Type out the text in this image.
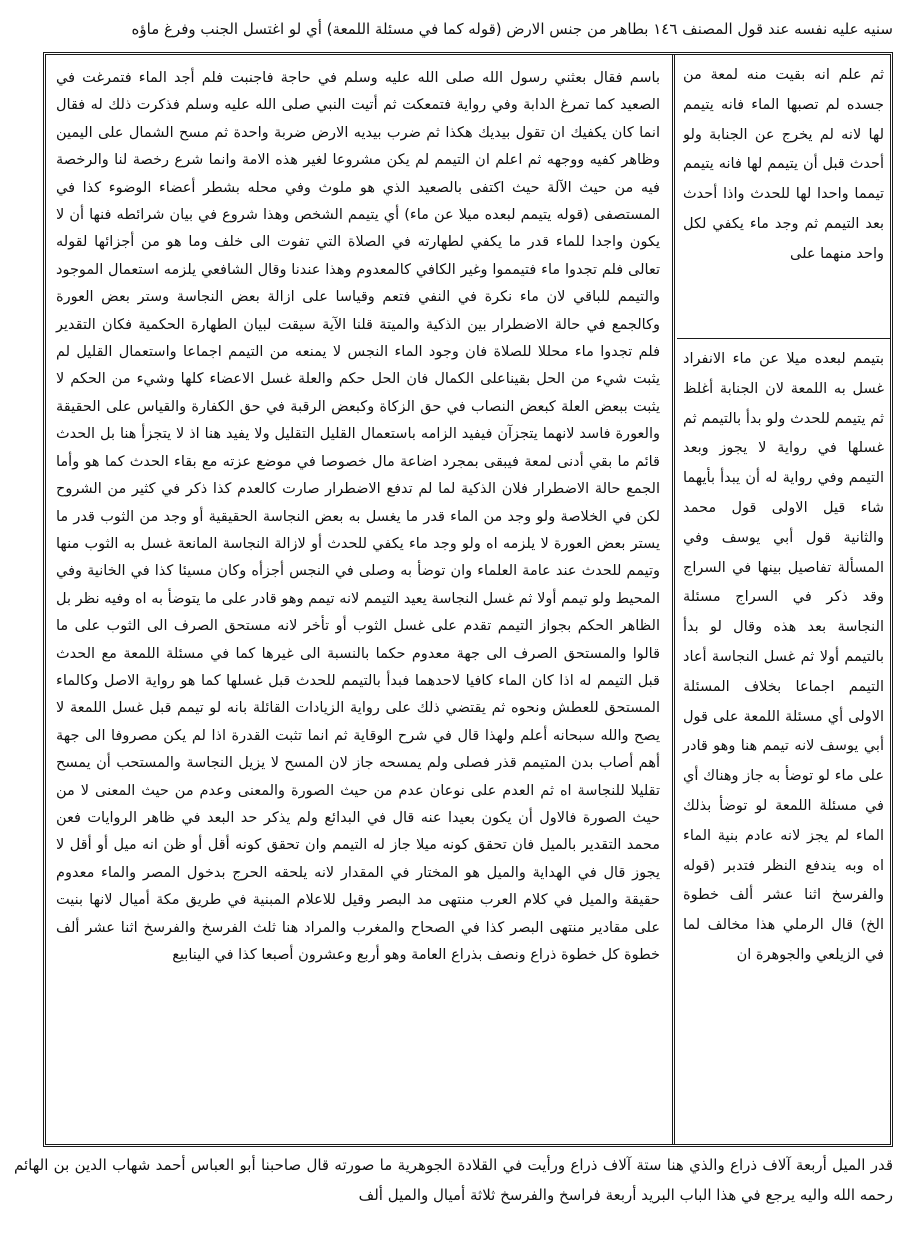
سنيه عليه نفسه عند قول المصنف ١٤٦ بطاهر من جنس الارض (قوله كما في مسئلة اللمعة) أي لو اغتسل الجنب وفرغ ماؤه

ثم علم انه بقيت منه لمعة من جسده لم تصبها الماء فانه يتيمم لها لانه لم يخرج عن الجنابة ولو أحدث قبل أن يتيمم لها فانه يتيمم تيمما واحدا لها للحدث واذا أحدث بعد التيمم ثم وجد ماء يكفي لكل واحد منهما على

بتيمم لبعده ميلا عن ماء الانفراد غسل به اللمعة لان الجنابة أغلظ ثم يتيمم للحدث ولو بدأ بالتيمم ثم غسلها في رواية لا يجوز وبعد التيمم وفي رواية له أن يبدأ بأيهما شاء قيل الاولى قول محمد والثانية قول أبي يوسف وفي المسألة تفاصيل بينها في السراج وقد ذكر في السراج مسئلة النجاسة بعد هذه وقال لو بدأ بالتيمم أولا ثم غسل النجاسة أعاد التيمم اجماعا بخلاف المسئلة الاولى أي مسئلة اللمعة على قول أبي يوسف لانه تيمم هنا وهو قادر على ماء لو توضأ به جاز وهناك أي في مسئلة اللمعة لو توضأ بذلك الماء لم يجز لانه عادم بنية الماء اه وبه يندفع النظر فتدبر (قوله والفرسخ اثنا عشر ألف خطوة الخ) قال الرملي هذا مخالف لما في الزيلعي والجوهرة ان

باسم فقال بعثني رسول الله صلى الله عليه وسلم في حاجة فاجنبت فلم أجد الماء فتمرغت في الصعيد كما تمرغ الدابة وفي رواية فتمعكت ثم أتيت النبي صلى الله عليه وسلم فذكرت ذلك له فقال انما كان يكفيك ان تقول بيديك هكذا ثم ضرب بيديه الارض ضربة واحدة ثم مسح الشمال على اليمين وظاهر كفيه ووجهه ثم اعلم ان التيمم لم يكن مشروعا لغير هذه الامة وانما شرع رخصة لنا والرخصة فيه من حيث الآلة حيث اكتفى بالصعيد الذي هو ملوث وفي محله بشطر أعضاء الوضوء كذا في المستصفى (قوله يتيمم لبعده ميلا عن ماء) أي يتيمم الشخص وهذا شروع في بيان شرائطه فنها أن لا يكون واجدا للماء قدر ما يكفي لطهارته في الصلاة التي تفوت الى خلف وما هو من أجزائها لقوله تعالى فلم تجدوا ماء فتيمموا وغير الكافي كالمعدوم وهذا عندنا وقال الشافعي يلزمه استعمال الموجود والتيمم للباقي لان ماء نكرة في النفي فتعم وقياسا على ازالة بعض النجاسة وستر بعض العورة وكالجمع في حالة الاضطرار بين الذكية والميتة قلنا الآية سيقت لبيان الطهارة الحكمية فكان التقدير فلم تجدوا ماء محللا للصلاة فان وجود الماء النجس لا يمنعه من التيمم اجماعا واستعمال القليل لم يثبت شيء من الحل بقيناعلى الكمال فان الحل حكم والعلة غسل الاعضاء كلها وشيء من الحكم لا يثبت ببعض العلة كبعض النصاب في حق الزكاة وكبعض الرقبة في حق الكفارة والقياس على الحقيقة والعورة فاسد لانهما يتجزآن فيفيد الزامه باستعمال القليل التقليل ولا يفيد هنا اذ لا يتجزأ هنا بل الحدث قائم ما بقي أدنى لمعة فيبقى بمجرد اضاعة مال خصوصا في موضع عزته مع بقاء الحدث كما هو وأما الجمع حالة الاضطرار فلان الذكية لما لم تدفع الاضطرار صارت كالعدم كذا ذكر في كثير من الشروح لكن في الخلاصة ولو وجد من الماء قدر ما يغسل به بعض النجاسة الحقيقية أو وجد من الثوب قدر ما يستر بعض العورة لا يلزمه اه ولو وجد ماء يكفي للحدث أو لازالة النجاسة المانعة غسل به الثوب منها وتيمم للحدث عند عامة العلماء وان توضأ به وصلى في النجس أجزأه وكان مسيئا كذا في الخانية وفي المحيط ولو تيمم أولا ثم غسل النجاسة يعيد التيمم لانه تيمم وهو قادر على ما يتوضأ به اه وفيه نظر بل الظاهر الحكم بجواز التيمم تقدم على غسل الثوب أو تأخر لانه مستحق الصرف الى الثوب على ما قالوا والمستحق الصرف الى جهة معدوم حكما بالنسبة الى غيرها كما في مسئلة اللمعة مع الحدث قبل التيمم له اذا كان الماء كافيا لاحدهما فبدأ بالتيمم للحدث قبل غسلها كما هو رواية الاصل وكالماء المستحق للعطش ونحوه ثم يقتضي ذلك على رواية الزيادات القائلة بانه لو تيمم قبل غسل اللمعة لا يصح والله سبحانه أعلم ولهذا قال في شرح الوقاية ثم انما تثبت القدرة اذا لم يكن مصروفا الى جهة أهم أصاب بدن المتيمم قذر فصلى ولم يمسحه جاز لان المسح لا يزيل النجاسة والمستحب أن يمسح تقليلا للنجاسة اه ثم العدم على نوعان عدم من حيث الصورة والمعنى وعدم من حيث المعنى لا من حيث الصورة فالاول أن يكون بعيدا عنه قال في البدائع ولم يذكر حد البعد في ظاهر الروايات فعن محمد التقدير بالميل فان تحقق كونه ميلا جاز له التيمم وان تحقق كونه أقل أو ظن انه ميل أو أقل لا يجوز قال في الهداية والميل هو المختار في المقدار لانه يلحقه الحرج بدخول المصر والماء معدوم حقيقة والميل في كلام العرب منتهى مد البصر وقيل للاعلام المبنية في طريق مكة أميال لانها بنيت على مقادير منتهى البصر كذا في الصحاح والمغرب والمراد هنا ثلث الفرسخ والفرسخ اثنا عشر ألف خطوة كل خطوة ذراع ونصف بذراع العامة وهو أربع وعشرون أصبعا كذا في الينابيع

قدر الميل أربعة آلاف ذراع والذي هنا ستة آلاف ذراع ورأيت في القلادة الجوهرية ما صورته قال صاحبنا أبو العباس أحمد شهاب الدين بن الهائم رحمه الله واليه يرجع في هذا الباب البريد أربعة فراسخ والفرسخ ثلاثة أميال والميل ألف
